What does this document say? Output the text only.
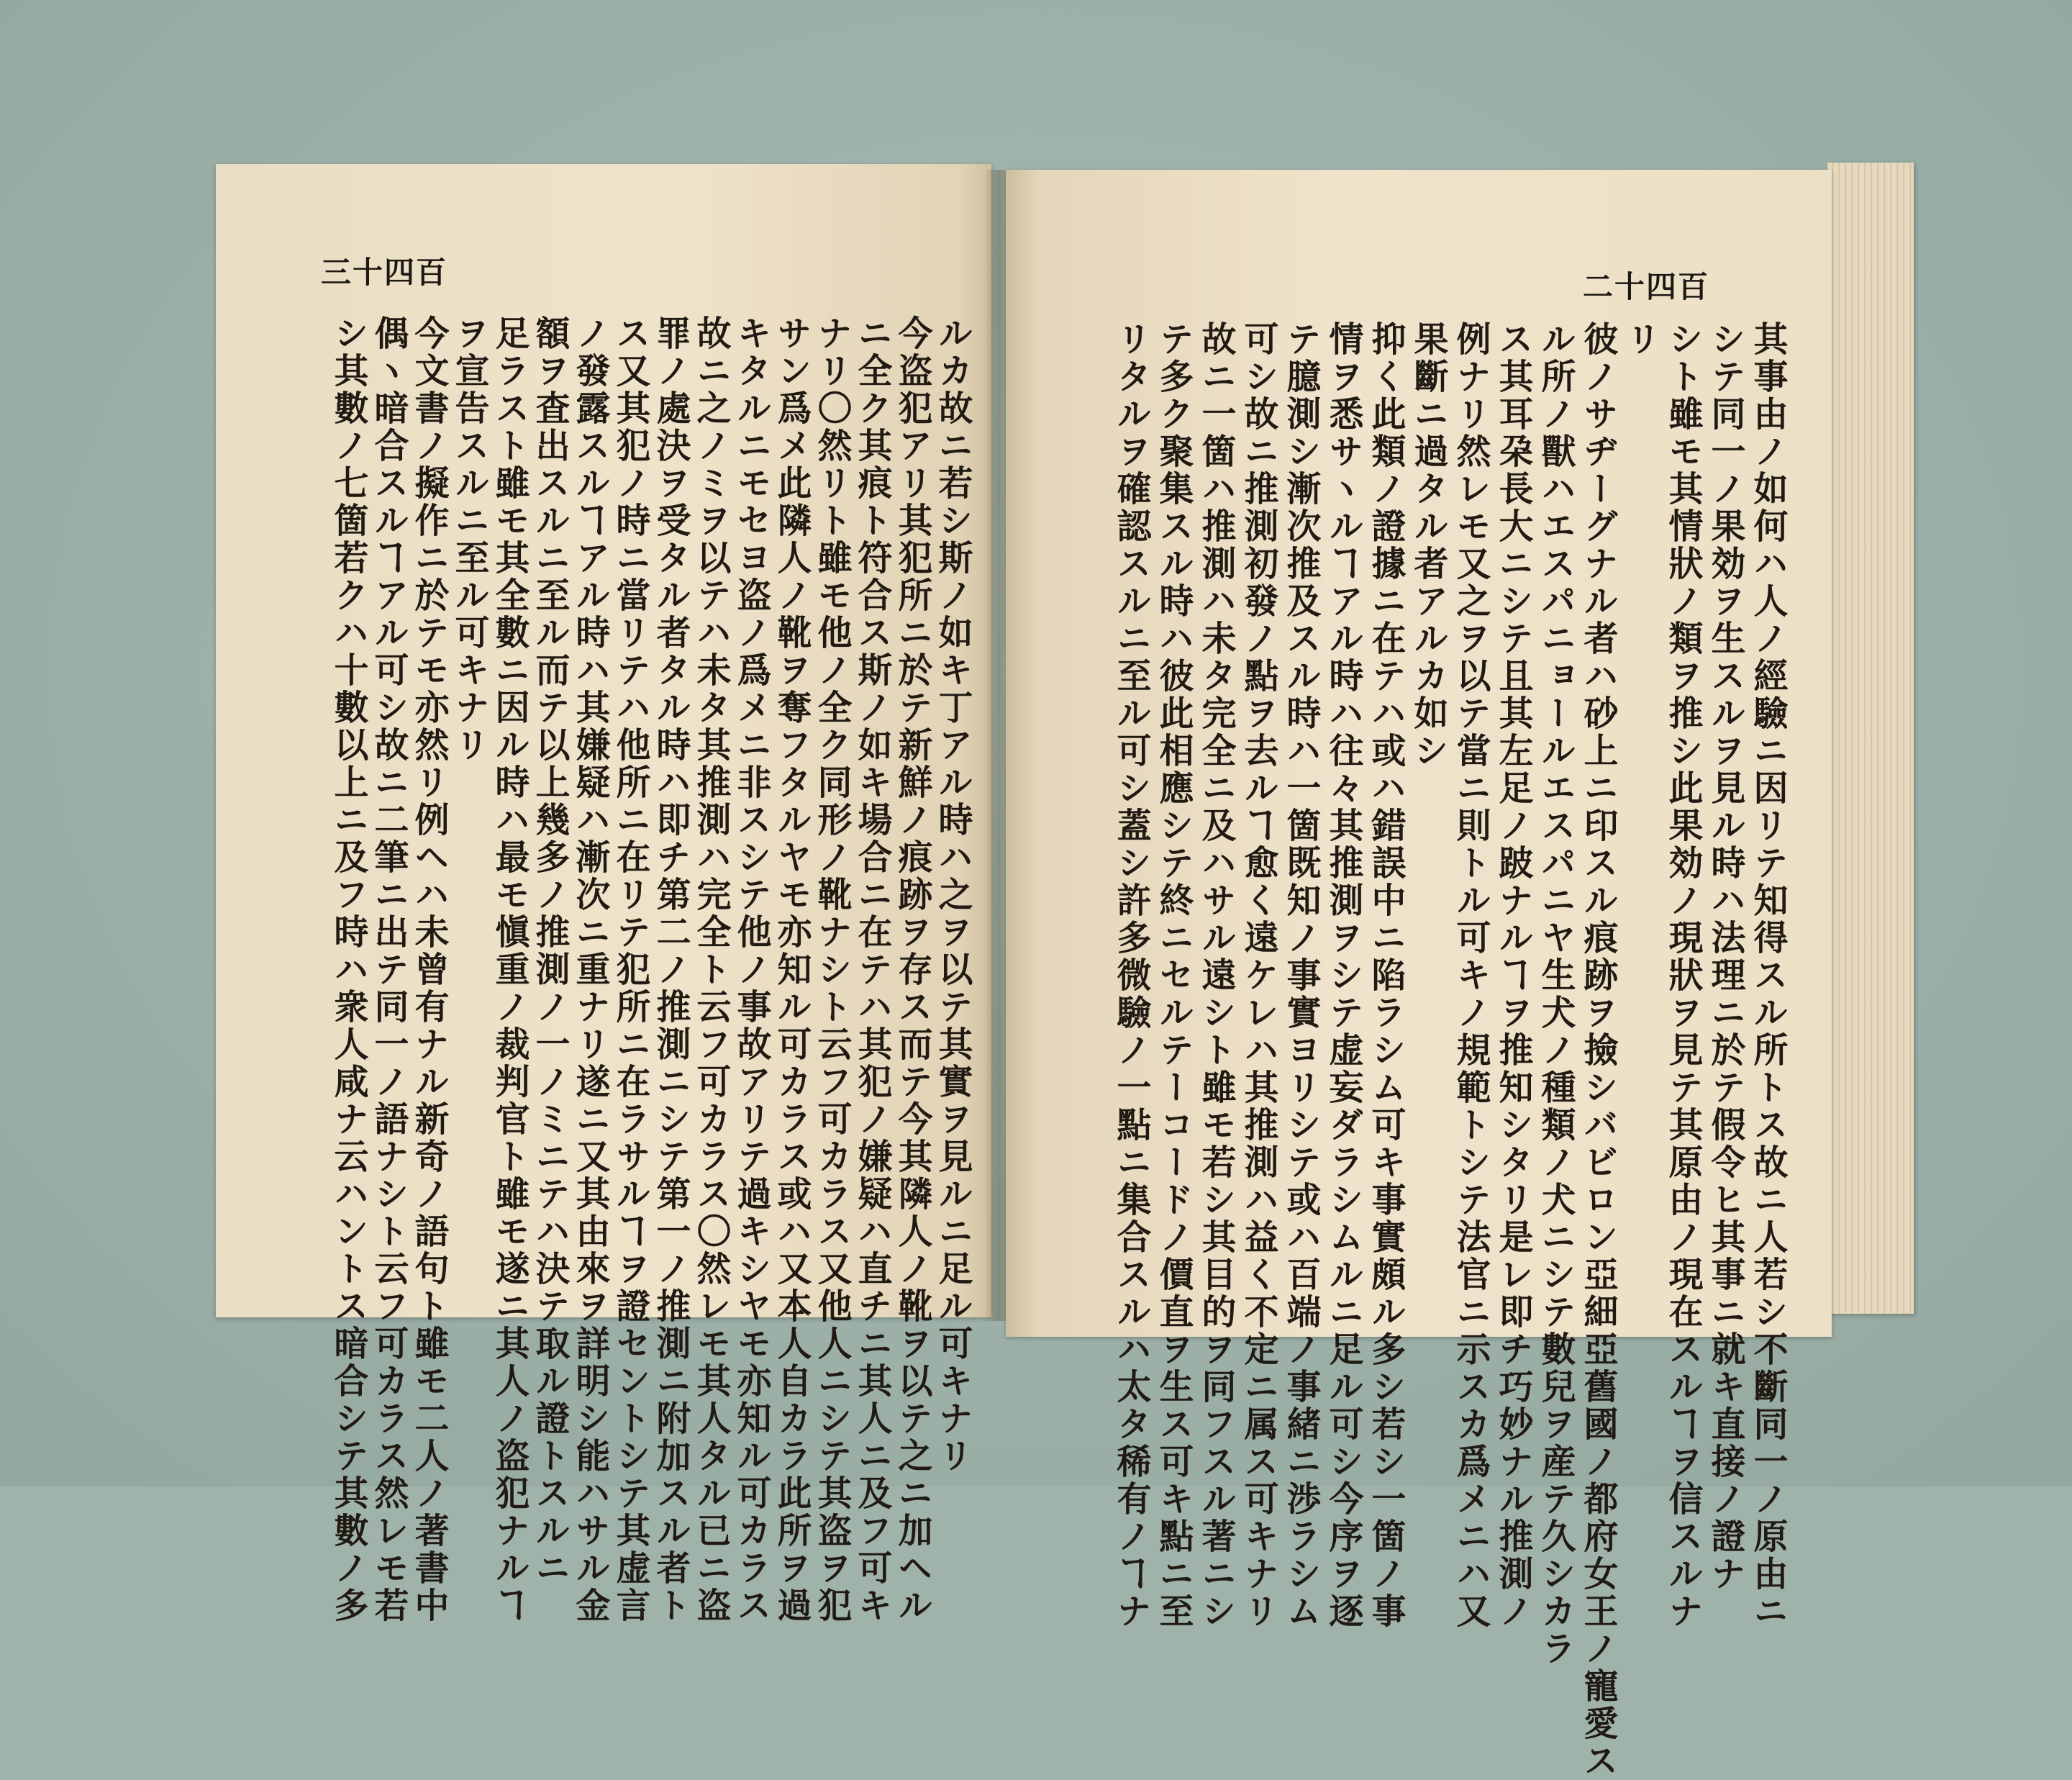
三十四百
ルカ故ニ若シ斯ノ如キ丁アル時ハ之ヲ以テ其實ヲ見ルニ足ル可キナリ
今盗犯アリ其犯所ニ於テ新鮮ノ痕跡ヲ存ス而テ今其隣人ノ靴ヲ以テ之ニ加ヘル
ニ全ク其痕ト符合ス斯ノ如キ場合ニ在テハ其犯ノ嫌疑ハ直チニ其人ニ及フ可キ
ナリ〇然リト雖モ他ノ全ク同形ノ靴ナシト云フ可カラス又他人ニシテ其盗ヲ犯
サン爲メ此隣人ノ靴ヲ奪フタルヤモ亦知ル可カラス或ハ又本人自カラ此所ヲ過
キタルニモセヨ盗ノ爲メニ非スシテ他ノ事故アリテ過キシヤモ亦知ル可カラス
故ニ之ノミヲ以テハ未タ其推測ハ完全ト云フ可カラス〇然レモ其人タル已ニ盗
罪ノ處決ヲ受タル者タル時ハ即チ第二ノ推測ニシテ第一ノ推測ニ附加スル者ト
ス又其犯ノ時ニ當リテハ他所ニ在リテ犯所ニ在ラサルヿヲ證セントシテ其虚言
ノ發露スルヿアル時ハ其嫌疑ハ漸次ニ重ナリ遂ニ又其由來ヲ詳明シ能ハサル金
額ヲ査出スルニ至ル而テ以上幾多ノ推測ノ一ノミニテハ決テ取ル證トスルニ
足ラスト雖モ其全數ニ因ル時ハ最モ愼重ノ裁判官ト雖モ遂ニ其人ノ盗犯ナルヿ
ヲ宣告スルニ至ル可キナリ
今文書ノ擬作ニ於テモ亦然リ例ヘハ未曾有ナル新奇ノ語句ト雖モ二人ノ著書中
偶ヽ暗合スルヿアル可シ故ニ二筆ニ出テ同一ノ語ナシト云フ可カラス然レモ若
シ其數ノ七箇若クハ十數以上ニ及フ時ハ衆人咸ナ云ハントス暗合シテ其數ノ多
二十四百
其事由ノ如何ハ人ノ經驗ニ因リテ知得スル所トス故ニ人若シ不斷同一ノ原由ニ
シテ同一ノ果効ヲ生スルヲ見ル時ハ法理ニ於テ假令ヒ其事ニ就キ直接ノ證ナ
シト雖モ其情狀ノ類ヲ推シ此果効ノ現狀ヲ見テ其原由ノ現在スルヿヲ信スルナ
リ
彼ノサヂーグナル者ハ砂上ニ印スル痕跡ヲ撿シバビロン亞細亞舊國ノ都府女王ノ寵愛ス
ル所ノ獸ハエスパニョールエスパニヤ生犬ノ種類ノ犬ニシテ數兒ヲ産テ久シカラ
ス其耳朶長大ニシテ且其左足ノ跛ナルヿヲ推知シタリ是レ即チ巧妙ナル推測ノ
例ナリ然レモ又之ヲ以テ當ニ則トル可キノ規範トシテ法官ニ示スカ爲メニハ又
果斷ニ過タル者アルカ如シ
抑く此類ノ證據ニ在テハ或ハ錯誤中ニ陷ラシム可キ事實頗ル多シ若シ一箇ノ事
情ヲ悉サヽルヿアル時ハ往々其推測ヲシテ虚妄ダラシムルニ足ル可シ今序ヲ逐
テ臆測シ漸次推及スル時ハ一箇既知ノ事實ヨリシテ或ハ百端ノ事緒ニ渉ラシム
可シ故ニ推測初發ノ點ヲ去ルヿ愈く遠ケレハ其推測ハ益く不定ニ属ス可キナリ
故ニ一箇ハ推測ハ未タ完全ニ及ハサル遠シト雖モ若シ其目的ヲ同フスル著ニシ
テ多ク聚集スル時ハ彼此相應シテ終ニセルテーコードノ價直ヲ生ス可キ點ニ至
リタルヲ確認スルニ至ル可シ蓋シ許多微驗ノ一點ニ集合スルハ太タ稀有ノヿナ
